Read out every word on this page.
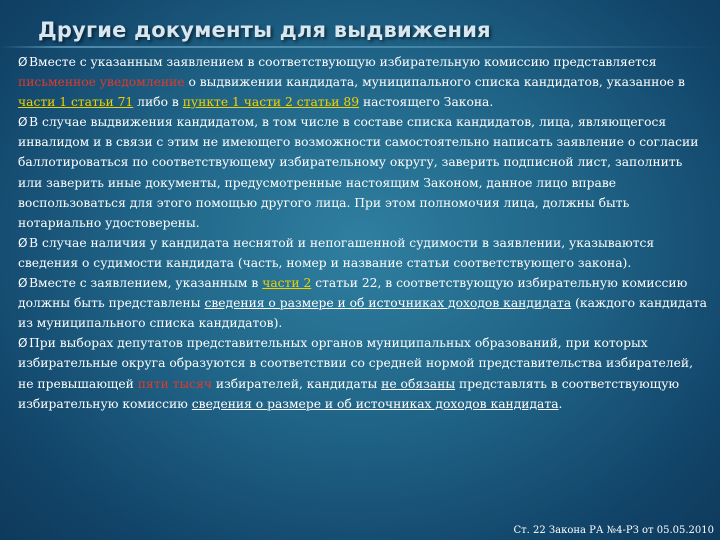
Другие документы для выдвижения

Ø Вместе с указанным заявлением в соответствующую избирательную комиссию представляется письменное уведомление о выдвижении кандидата, муниципального списка кандидатов, указанное в части 1 статьи 71 либо в пункте 1 части 2 статьи 89 настоящего Закона.

Ø В случае выдвижения кандидатом, в том числе в составе списка кандидатов, лица, являющегося инвалидом и в связи с этим не имеющего возможности самостоятельно написать заявление о согласии баллотироваться по соответствующему избирательному округу, заверить подписной лист, заполнить или заверить иные документы, предусмотренные настоящим Законом, данное лицо вправе воспользоваться для этого помощью другого лица. При этом полномочия лица, должны быть нотариально удостоверены.

Ø В случае наличия у кандидата неснятой и непогашенной судимости в заявлении, указываются сведения о судимости кандидата (часть, номер и название статьи соответствующего закона).

Ø Вместе с заявлением, указанным в части 2 статьи 22, в соответствующую избирательную комиссию должны быть представлены сведения о размере и об источниках доходов кандидата (каждого кандидата из муниципального списка кандидатов).

Ø При выборах депутатов представительных органов муниципальных образований, при которых избирательные округа образуются в соответствии со средней нормой представительства избирателей, не превышающей пяти тысяч избирателей, кандидаты не обязаны представлять в соответствующую избирательную комиссию сведения о размере и об источниках доходов кандидата.

Ст. 22 Закона РА №4-РЗ от 05.05.2010
